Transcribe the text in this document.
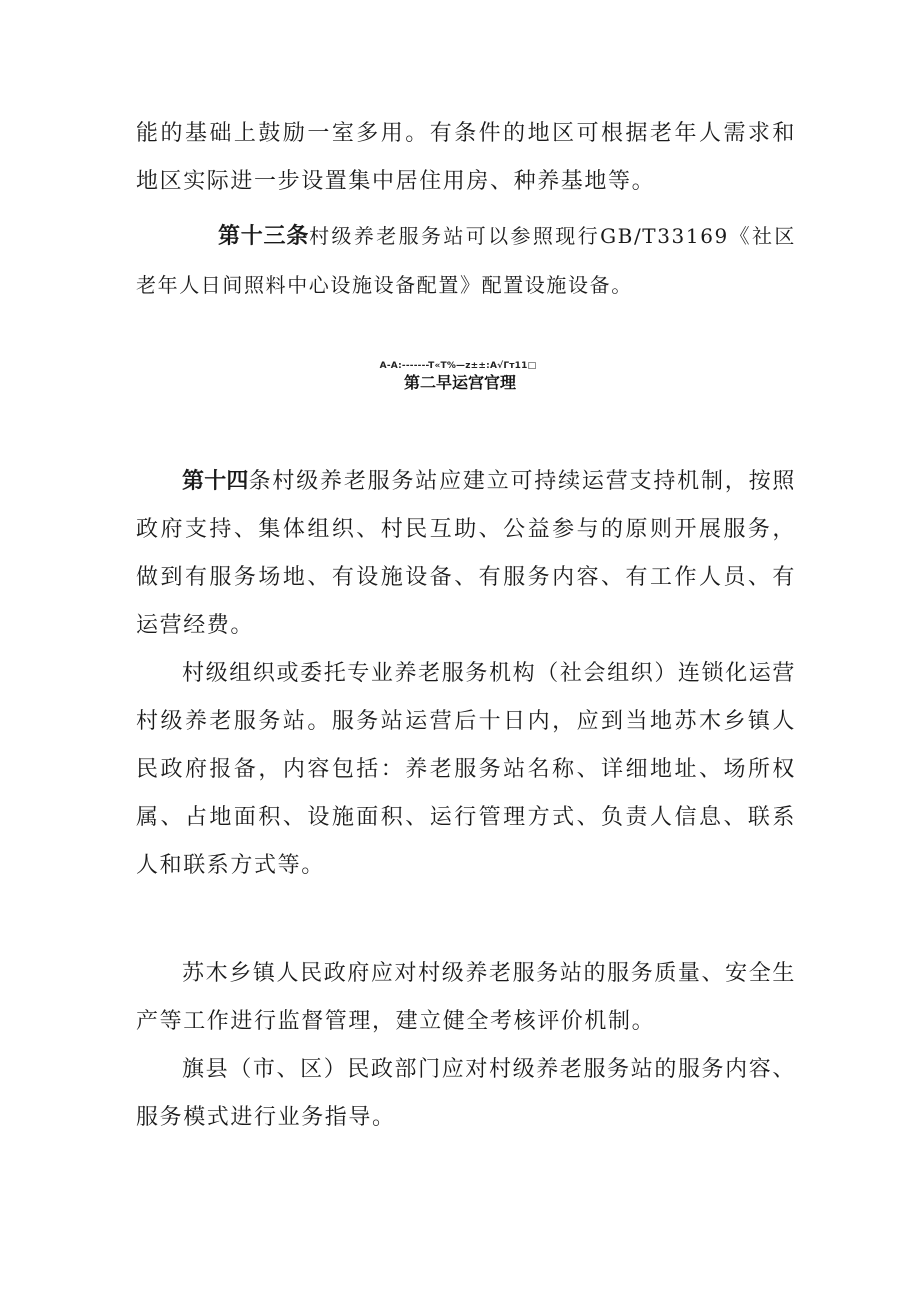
能的基础上鼓励一室多用。有条件的地区可根据老年人需求和地区实际进一步设置集中居住用房、种养基地等。

第十三条村级养老服务站可以参照现行GB/T33169《社区老年人日间照料中心设施设备配置》配置设施设备。

A-A:-------T«T%—z±±:A√Γт11□
第二早运宫官理

第十四条村级养老服务站应建立可持续运营支持机制，按照政府支持、集体组织、村民互助、公益参与的原则开展服务，做到有服务场地、有设施设备、有服务内容、有工作人员、有运营经费。

村级组织或委托专业养老服务机构（社会组织）连锁化运营村级养老服务站。服务站运营后十日内，应到当地苏木乡镇人民政府报备，内容包括：养老服务站名称、详细地址、场所权属、占地面积、设施面积、运行管理方式、负责人信息、联系人和联系方式等。

苏木乡镇人民政府应对村级养老服务站的服务质量、安全生产等工作进行监督管理，建立健全考核评价机制。

旗县（市、区）民政部门应对村级养老服务站的服务内容、服务模式进行业务指导。
